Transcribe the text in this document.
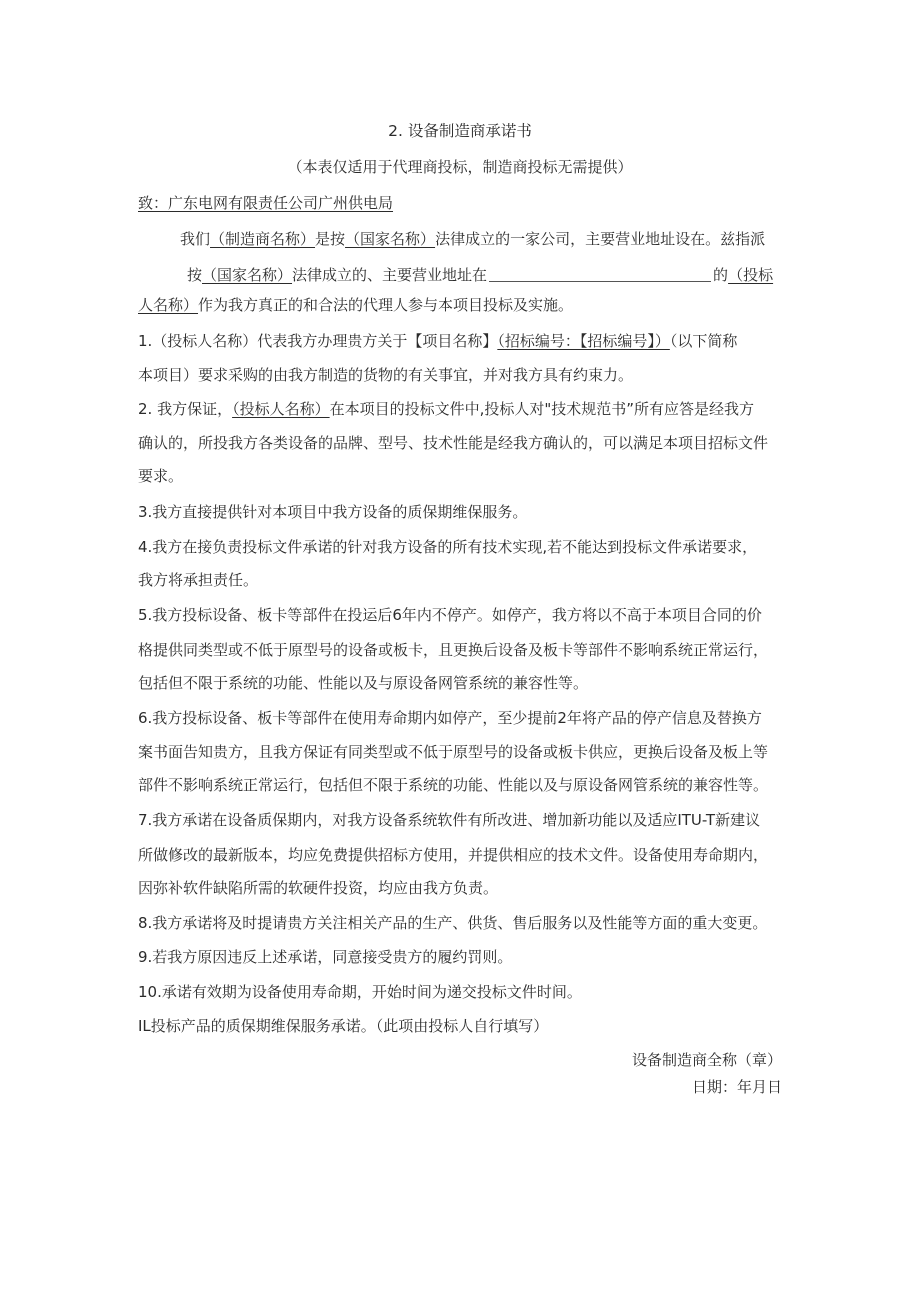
2. 设备制造商承诺书
（本表仅适用于代理商投标，制造商投标无需提供）
致：广东电网有限责任公司广州供电局
我们（制造商名称）是按（国家名称）法律成立的一家公司，主要营业地址设在。兹指派
按（国家名称）法律成立的、主要营业地址在	的（投标
人名称）作为我方真正的和合法的代理人参与本项目投标及实施。
1.（投标人名称）代表我方办理贵方关于【项目名称】（招标编号：【招标编号】）（以下简称
本项目）要求采购的由我方制造的货物的有关事宜，并对我方具有约束力。
2. 我方保证，（投标人名称）在本项目的投标文件中,投标人对"技术规范书”所有应答是经我方
确认的，所投我方各类设备的品牌、型号、技术性能是经我方确认的，可以满足本项目招标文件
要求。
3.我方直接提供针对本项目中我方设备的质保期维保服务。
4.我方在接负责投标文件承诺的针对我方设备的所有技术实现,若不能达到投标文件承诺要求，
我方将承担责任。
5.我方投标设备、板卡等部件在投运后6年内不停产。如停产，我方将以不高于本项目合同的价
格提供同类型或不低于原型号的设备或板卡，且更换后设备及板卡等部件不影响系统正常运行，
包括但不限于系统的功能、性能以及与原设备网管系统的兼容性等。
6.我方投标设备、板卡等部件在使用寿命期内如停产，至少提前2年将产品的停产信息及替换方
案书面告知贵方，且我方保证有同类型或不低于原型号的设备或板卡供应，更换后设备及板上等
部件不影响系统正常运行，包括但不限于系统的功能、性能以及与原设备网管系统的兼容性等。
7.我方承诺在设备质保期内，对我方设备系统软件有所改进、增加新功能以及适应ITU-T新建议
所做修改的最新版本，均应免费提供招标方使用，并提供相应的技术文件。设备使用寿命期内，
因弥补软件缺陷所需的软硬件投资，均应由我方负责。
8.我方承诺将及时提请贵方关注相关产品的生产、供货、售后服务以及性能等方面的重大变更。
9.若我方原因违反上述承诺，同意接受贵方的履约罚则。
10.承诺有效期为设备使用寿命期，开始时间为递交投标文件时间。
IL投标产品的质保期维保服务承诺。（此项由投标人自行填写）
设备制造商全称（章）
日期：年月日
